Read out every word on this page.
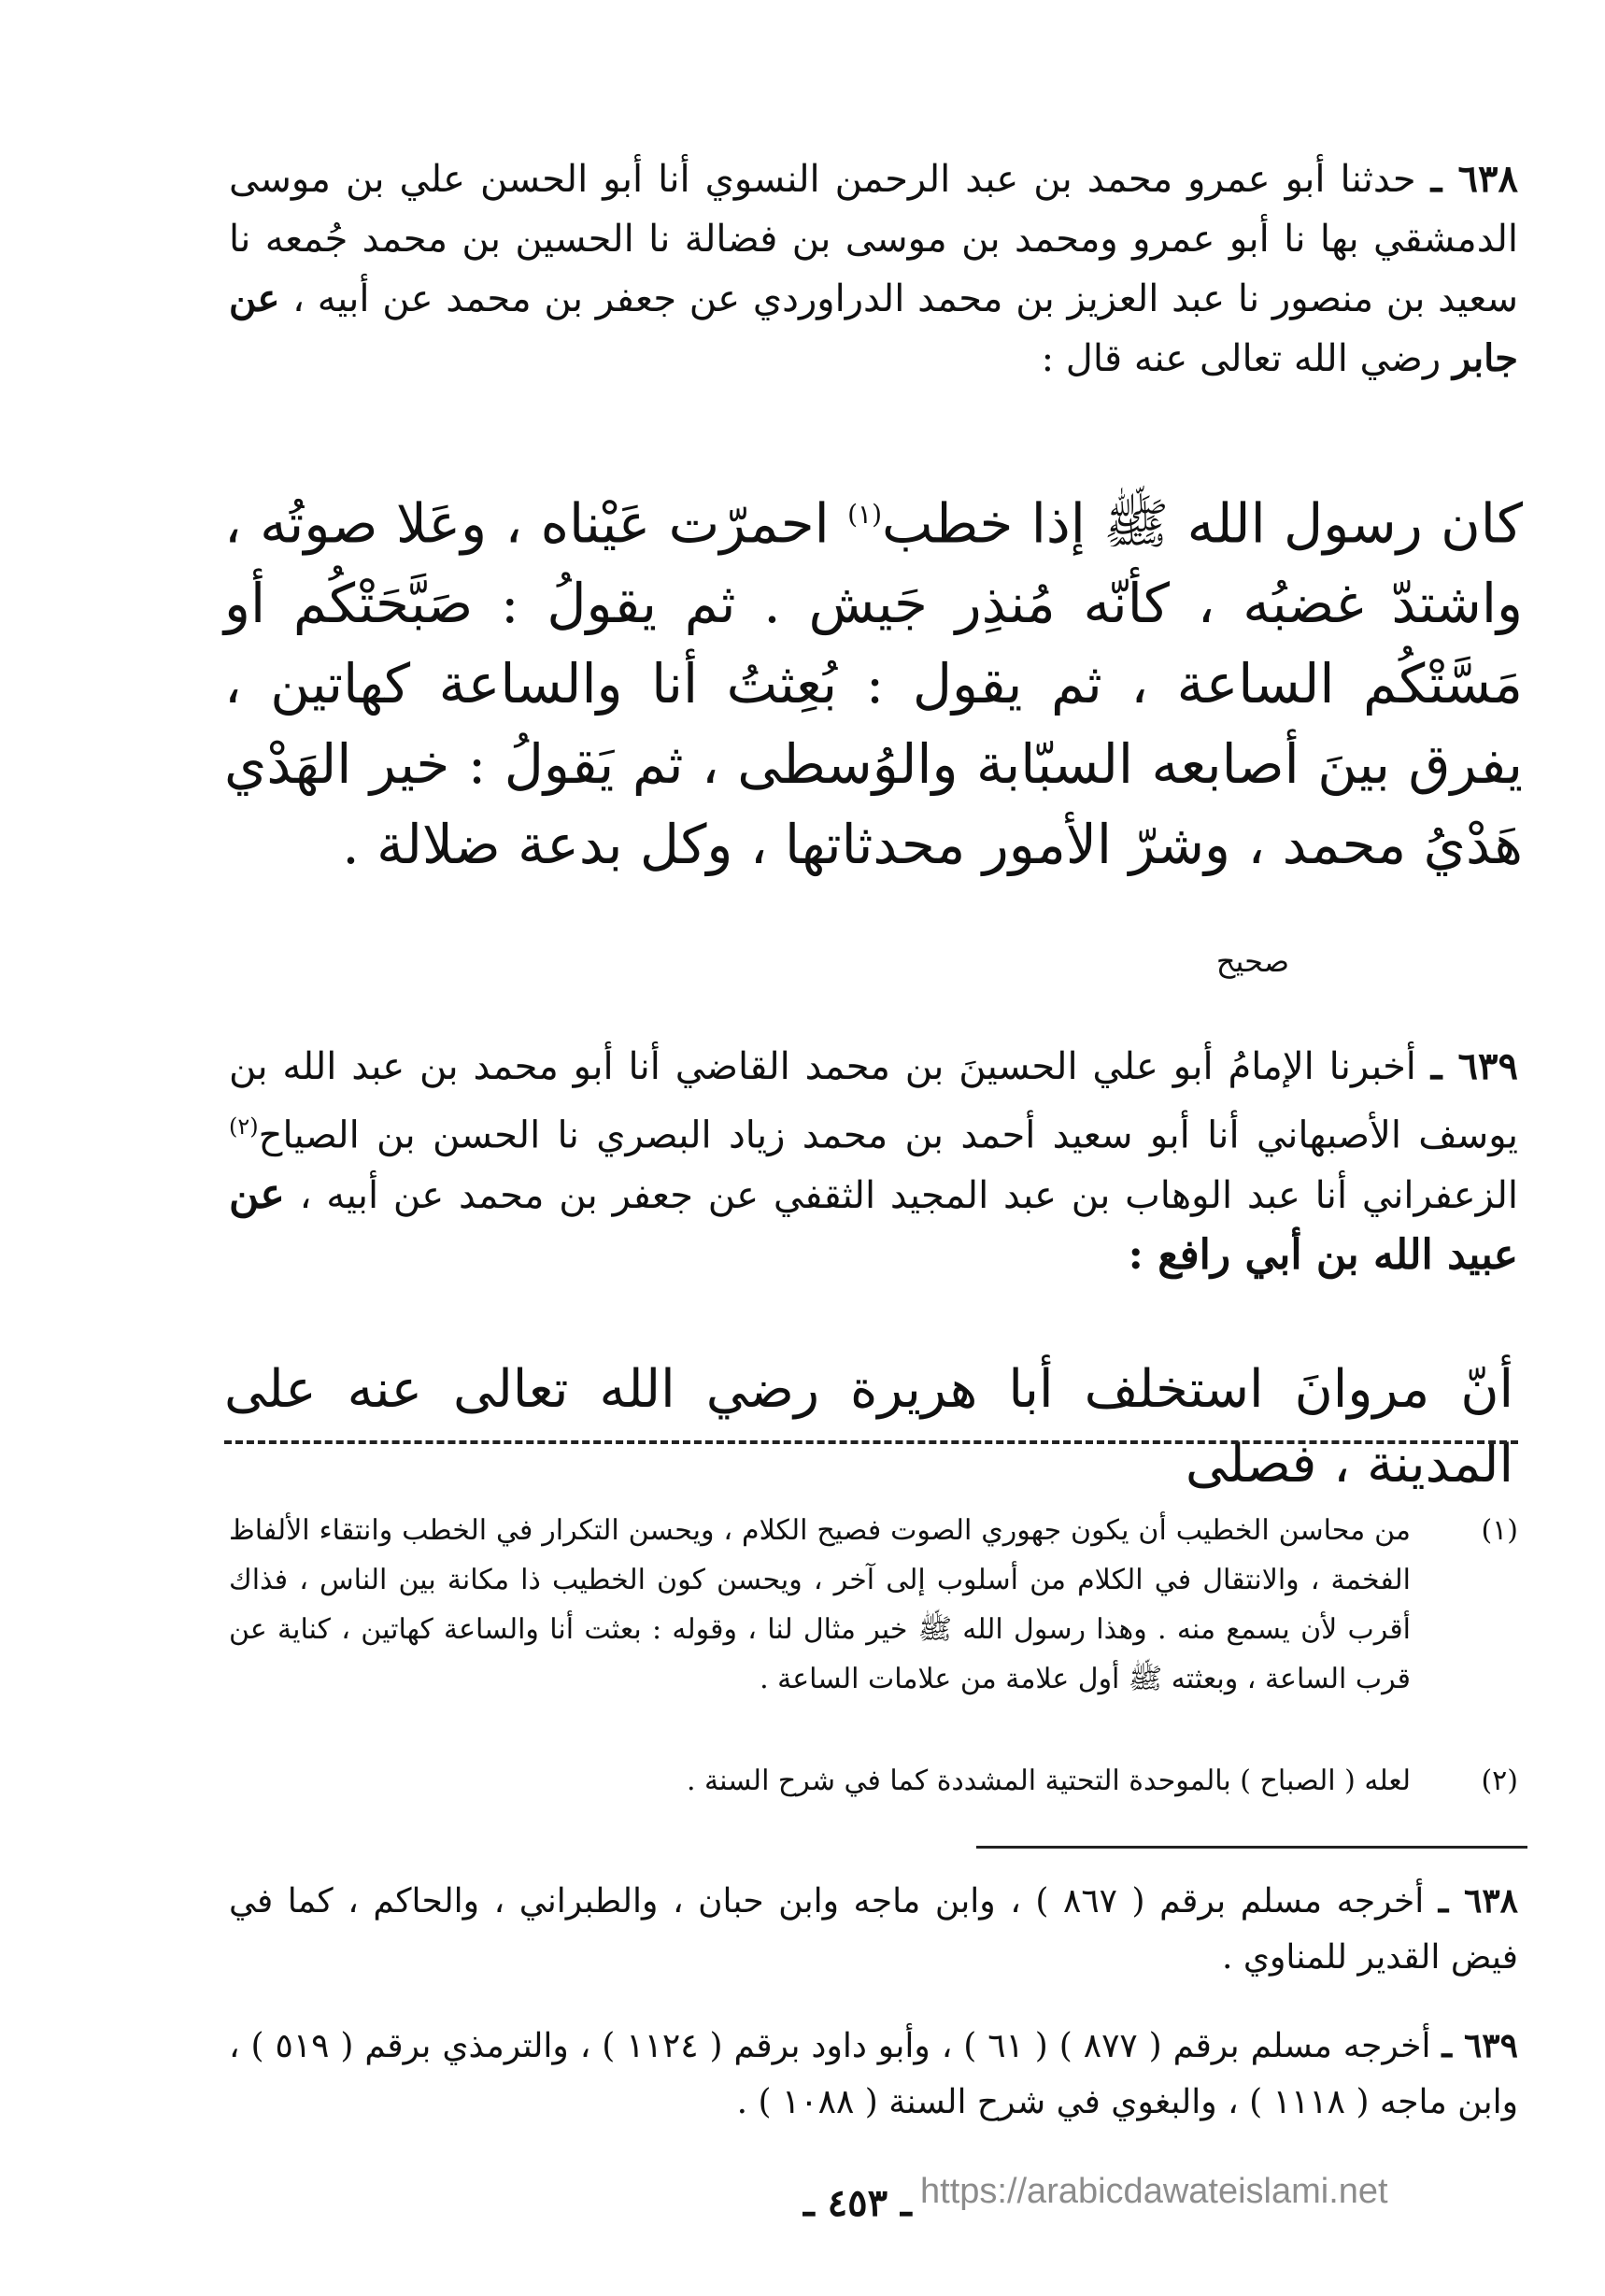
٦٣٨ ـ حدثنا أبو عمرو محمد بن عبد الرحمن النسوي أنا أبو الحسن علي بن موسى الدمشقي بها نا أبو عمرو ومحمد بن موسى بن فضالة نا الحسين بن محمد جُمعه نا سعيد بن منصور نا عبد العزيز بن محمد الدراوردي عن جعفر بن محمد عن أبيه ، عن جابر رضي الله تعالى عنه قال :
كان رسول الله ﷺ إذا خطب$^{(١)}$ احمرّت عَيْناه ، وعَلا صوتُه ، واشتدّ غضبُه ، كأنّه مُنذِر جَيش . ثم يقولُ : صَبَّحَتْكُم أو مَسَّتْكُم الساعة ، ثم يقول : بُعِثتُ أنا والساعة كهاتين ، يفرق بينَ أصابعه السبّابة والوُسطى ، ثم يَقولُ : خير الهَدْي هَدْيُ محمد ، وشرّ الأمور محدثاتها ، وكل بدعة ضلالة .
صحيح
٦٣٩ ـ أخبرنا الإمامُ أبو علي الحسينَ بن محمد القاضي أنا أبو محمد بن عبد الله بن يوسف الأصبهاني أنا أبو سعيد أحمد بن محمد زياد البصري نا الحسن بن الصياح$^{(٢)}$ الزعفراني أنا عبد الوهاب بن عبد المجيد الثقفي عن جعفر بن محمد عن أبيه ، عن عبيد الله بن أبي رافع :
أنّ مروانَ استخلف أبا هريرة رضي الله تعالى عنه على المدينة ، فصلى
(١)
من محاسن الخطيب أن يكون جهوري الصوت فصيح الكلام ، ويحسن التكرار في الخطب وانتقاء الألفاظ الفخمة ، والانتقال في الكلام من أسلوب إلى آخر ، ويحسن كون الخطيب ذا مكانة بين الناس ، فذاك أقرب لأن يسمع منه . وهذا رسول الله ﷺ خير مثال لنا ، وقوله : بعثت أنا والساعة كهاتين ، كناية عن قرب الساعة ، وبعثته ﷺ أول علامة من علامات الساعة .
(٢)
لعله ( الصباح ) بالموحدة التحتية المشددة كما في شرح السنة .
٦٣٨ ـ أخرجه مسلم برقم ( ٨٦٧ ) ، وابن ماجه وابن حبان ، والطبراني ، والحاكم ، كما في فيض القدير للمناوي .
٦٣٩ ـ أخرجه مسلم برقم ( ٨٧٧ ) ( ٦١ ) ، وأبو داود برقم ( ١١٢٤ ) ، والترمذي برقم ( ٥١٩ ) ، وابن ماجه ( ١١١٨ ) ، والبغوي في شرح السنة ( ١٠٨٨ ) .
ـ ٤٥٣ ـ https://arabicdawateislami.net
